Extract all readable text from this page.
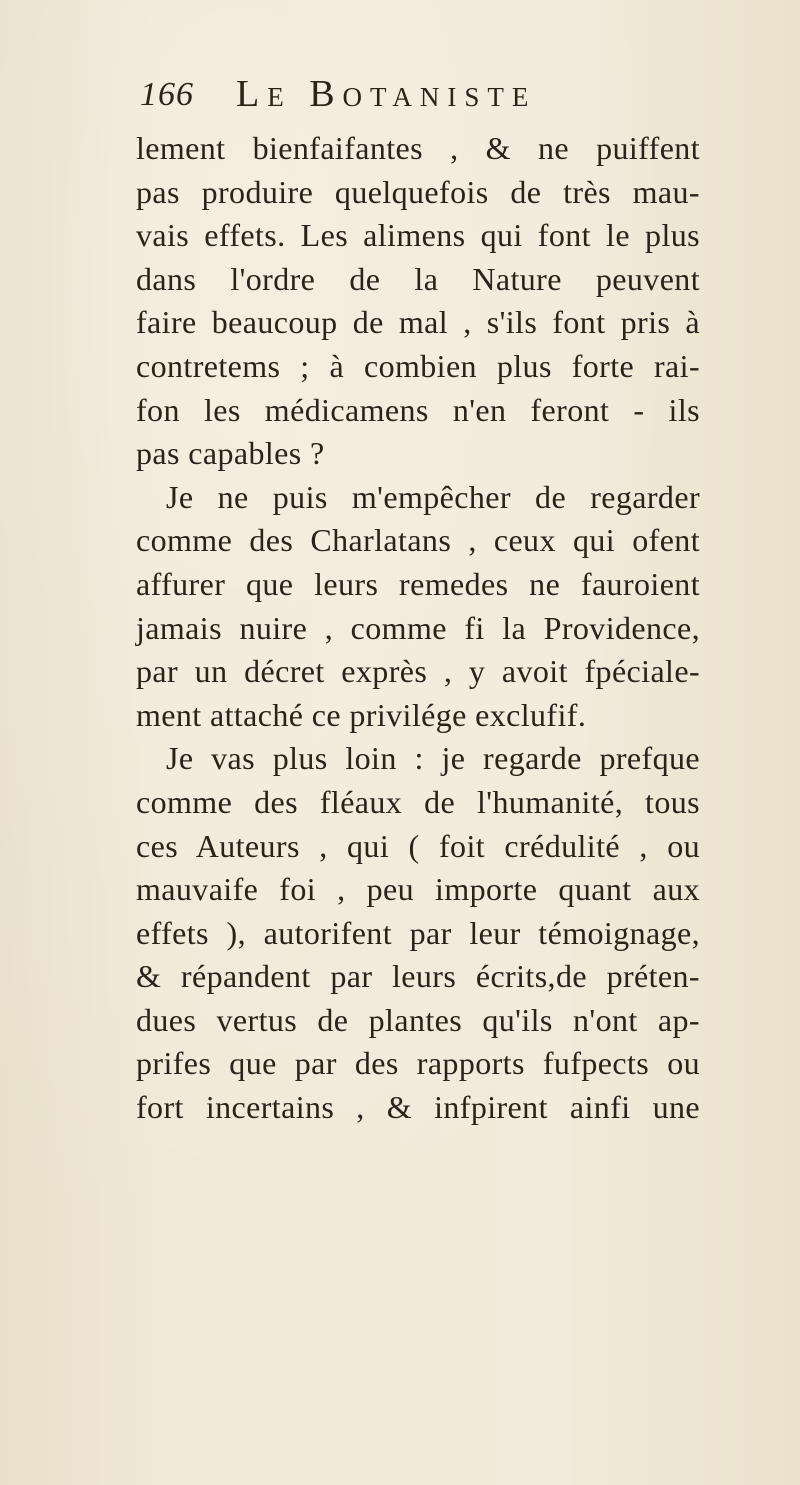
166 Le Botaniste
lement bienfaifantes , & ne puiffent
pas produire quelquefois de très mau-
vais effets. Les alimens qui font le plus
dans l'ordre de la Nature peuvent
faire beaucoup de mal , s'ils font pris à
contretems ; à combien plus forte rai-
fon les médicamens n'en feront - ils
pas capables ?
Je ne puis m'empêcher de regarder
comme des Charlatans , ceux qui ofent
affurer que leurs remedes ne fauroient
jamais nuire , comme fi la Providence,
par un décret exprès , y avoit fpéciale-
ment attaché ce privilége exclufif.
Je vas plus loin : je regarde prefque
comme des fléaux de l'humanité, tous
ces Auteurs , qui ( foit crédulité , ou
mauvaife foi , peu importe quant aux
effets ), autorifent par leur témoignage,
& répandent par leurs écrits,de préten-
dues vertus de plantes qu'ils n'ont ap-
prifes que par des rapports fufpects ou
fort incertains , & infpirent ainfi une
